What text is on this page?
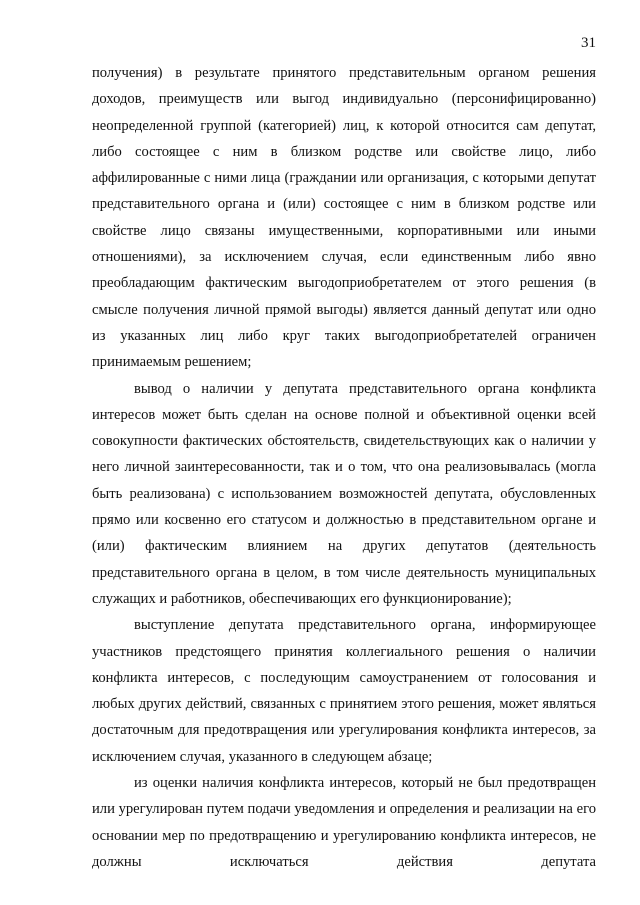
31

получения) в результате принятого представительным органом решения доходов, преимуществ или выгод индивидуально (персонифицированно) неопределенной группой (категорией) лиц, к которой относится сам депутат, либо состоящее с ним в близком родстве или свойстве лицо, либо аффилированные с ними лица (граждании или организация, с которыми депутат представительного органа и (или) состоящее с ним в близком родстве или свойстве лицо связаны имущественными, корпоративными или иными отношениями), за исключением случая, если единственным либо явно преобладающим фактическим выгодоприобретателем от этого решения (в смысле получения личной прямой выгоды) является данный депутат или одно из указанных лиц либо круг таких выгодоприобретателей ограничен принимаемым решением;

вывод о наличии у депутата представительного органа конфликта интересов может быть сделан на основе полной и объективной оценки всей совокупности фактических обстоятельств, свидетельствующих как о наличии у него личной заинтересованности, так и о том, что она реализовывалась (могла быть реализована) с использованием возможностей депутата, обусловленных прямо или косвенно его статусом и должностью в представительном органе и (или) фактическим влиянием на других депутатов (деятельность представительного органа в целом, в том числе деятельность муниципальных служащих и работников, обеспечивающих его функционирование);

выступление депутата представительного органа, информирующее участников предстоящего принятия коллегиального решения о наличии конфликта интересов, с последующим самоустранением от голосования и любых других действий, связанных с принятием этого решения, может являться достаточным для предотвращения или урегулирования конфликта интересов, за исключением случая, указанного в следующем абзаце;

из оценки наличия конфликта интересов, который не был предотвращен или урегулирован путем подачи уведомления и определения и реализации на его основании мер по предотвращению и урегулированию конфликта интересов, не должны исключаться действия депутата
